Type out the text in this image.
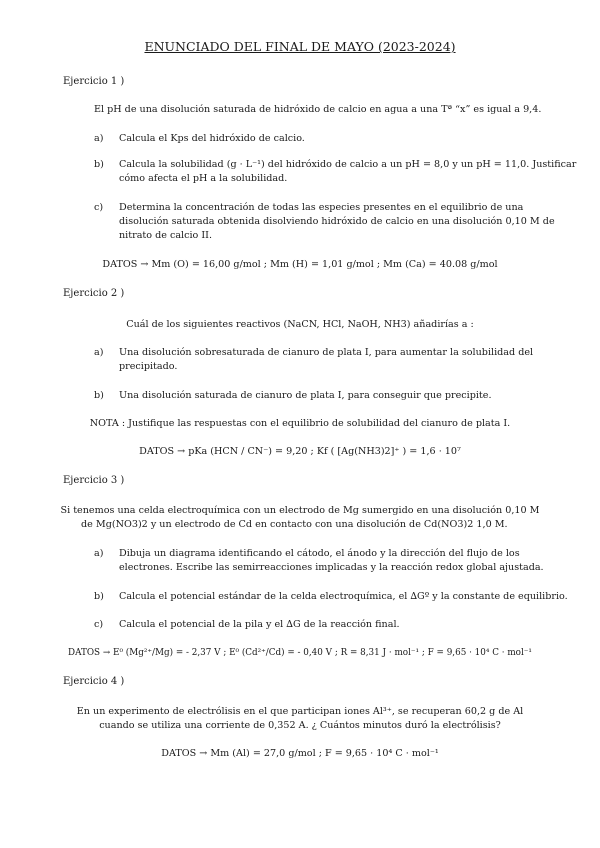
ENUNCIADO DEL FINAL DE MAYO (2023-2024)
Ejercicio 1 )
El pH de una disolución saturada de hidróxido de calcio en agua a una Tª “x” es igual a 9,4.
a)	Calcula el Kps del hidróxido de calcio.
b)	Calcula la solubilidad (g · L⁻¹) del hidróxido de calcio a un pH = 8,0 y un pH = 11,0. Justificar
cómo afecta el pH a la solubilidad.
c)	Determina la concentración de todas las especies presentes en el equilibrio de una
disolución saturada obtenida disolviendo hidróxido de calcio en una disolución 0,10 M de
nitrato de calcio II.
DATOS → Mm (O) = 16,00 g/mol ; Mm (H) = 1,01 g/mol ; Mm (Ca) = 40.08 g/mol
Ejercicio 2 )
Cuál de los siguientes reactivos (NaCN, HCl, NaOH, NH3) añadirías a :
a)	Una disolución sobresaturada de cianuro de plata I, para aumentar la solubilidad del
precipitado.
b)	Una disolución saturada de cianuro de plata I, para conseguir que precipite.
NOTA : Justifique las respuestas con el equilibrio de solubilidad del cianuro de plata I.
DATOS → pKa (HCN / CN⁻) = 9,20 ; Kf ( [Ag(NH3)2]⁺ ) = 1,6 · 10⁷
Ejercicio 3 )
Si tenemos una celda electroquímica con un electrodo de Mg sumergido en una disolución 0,10 M
de Mg(NO3)2 y un electrodo de Cd en contacto con una disolución de Cd(NO3)2 1,0 M.
a)	Dibuja un diagrama identificando el cátodo, el ánodo y la dirección del flujo de los
electrones. Escribe las semirreacciones implicadas y la reacción redox global ajustada.
b)	Calcula el potencial estándar de la celda electroquímica, el ∆Gº y la constante de equilibrio.
c)	Calcula el potencial de la pila y el ∆G de la reacción final.
DATOS → E⁰ (Mg²⁺/Mg) = - 2,37 V ; E⁰ (Cd²⁺/Cd) = - 0,40 V ; R = 8,31 J · mol⁻¹ ; F = 9,65 · 10⁴ C · mol⁻¹
Ejercicio 4 )
En un experimento de electrólisis en el que participan iones Al³⁺, se recuperan 60,2 g de Al
cuando se utiliza una corriente de 0,352 A. ¿ Cuántos minutos duró la electrólisis?
DATOS → Mm (Al) = 27,0 g/mol ; F = 9,65 · 10⁴ C · mol⁻¹
